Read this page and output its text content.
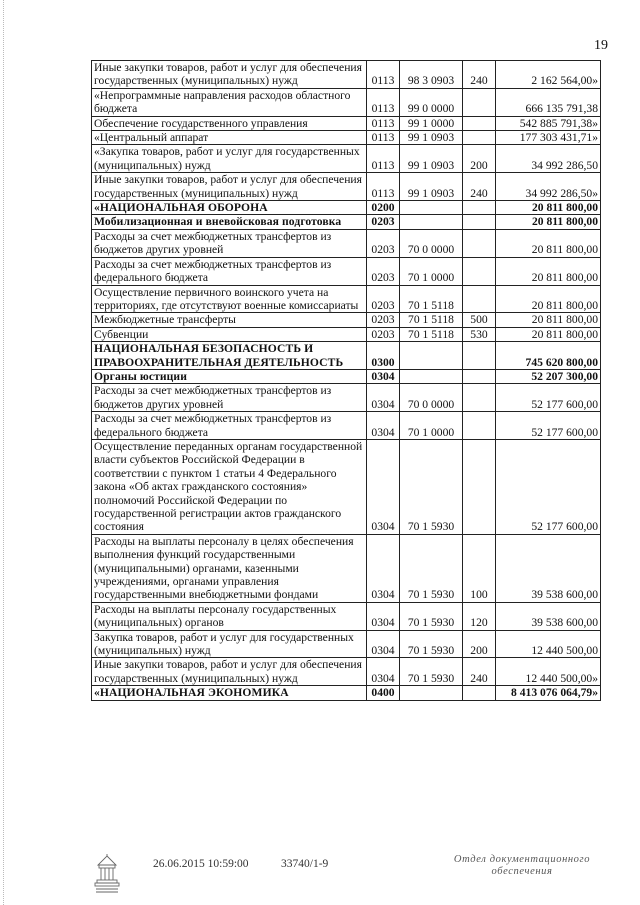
19
Иные закупки товаров, работ и услуг для обеспечения государственных (муниципальных) нужд	0113	98 3 0903	240	2 162 564,00»
«Непрограммные направления расходов областного бюджета	0113	99 0 0000		666 135 791,38
Обеспечение государственного управления	0113	99 1 0000		542 885 791,38»
«Центральный аппарат	0113	99 1 0903		177 303 431,71»
«Закупка товаров, работ и услуг для государственных (муниципальных) нужд	0113	99 1 0903	200	34 992 286,50
Иные закупки товаров, работ и услуг для обеспечения государственных (муниципальных) нужд	0113	99 1 0903	240	34 992 286,50»
«НАЦИОНАЛЬНАЯ ОБОРОНА	0200			20 811 800,00
Мобилизационная и вневойсковая подготовка	0203			20 811 800,00
Расходы за счет межбюджетных трансфертов из бюджетов других уровней	0203	70 0 0000		20 811 800,00
Расходы за счет межбюджетных трансфертов из федерального бюджета	0203	70 1 0000		20 811 800,00
Осуществление первичного воинского учета на территориях, где отсутствуют военные комиссариаты	0203	70 1 5118		20 811 800,00
Межбюджетные трансферты	0203	70 1 5118	500	20 811 800,00
Субвенции	0203	70 1 5118	530	20 811 800,00
НАЦИОНАЛЬНАЯ БЕЗОПАСНОСТЬ И ПРАВООХРАНИТЕЛЬНАЯ ДЕЯТЕЛЬНОСТЬ	0300			745 620 800,00
Органы юстиции	0304			52 207 300,00
Расходы за счет межбюджетных трансфертов из бюджетов других уровней	0304	70 0 0000		52 177 600,00
Расходы за счет межбюджетных трансфертов из федерального бюджета	0304	70 1 0000		52 177 600,00
Осуществление переданных органам государственной власти субъектов Российской Федерации в соответствии с пунктом 1 статьи 4 Федерального закона «Об актах гражданского состояния» полномочий Российской Федерации по государственной регистрации актов гражданского состояния	0304	70 1 5930		52 177 600,00
Расходы на выплаты персоналу в целях обеспечения выполнения функций государственными (муниципальными) органами, казенными учреждениями, органами управления государственными внебюджетными фондами	0304	70 1 5930	100	39 538 600,00
Расходы на выплаты персоналу государственных (муниципальных) органов	0304	70 1 5930	120	39 538 600,00
Закупка товаров, работ и услуг для государственных (муниципальных) нужд	0304	70 1 5930	200	12 440 500,00
Иные закупки товаров, работ и услуг для обеспечения государственных (муниципальных) нужд	0304	70 1 5930	240	12 440 500,00»
«НАЦИОНАЛЬНАЯ ЭКОНОМИКА	0400			8 413 076 064,79»
26.06.2015 10:59:00	33740/1-9	Отдел документационного
обеспечения
